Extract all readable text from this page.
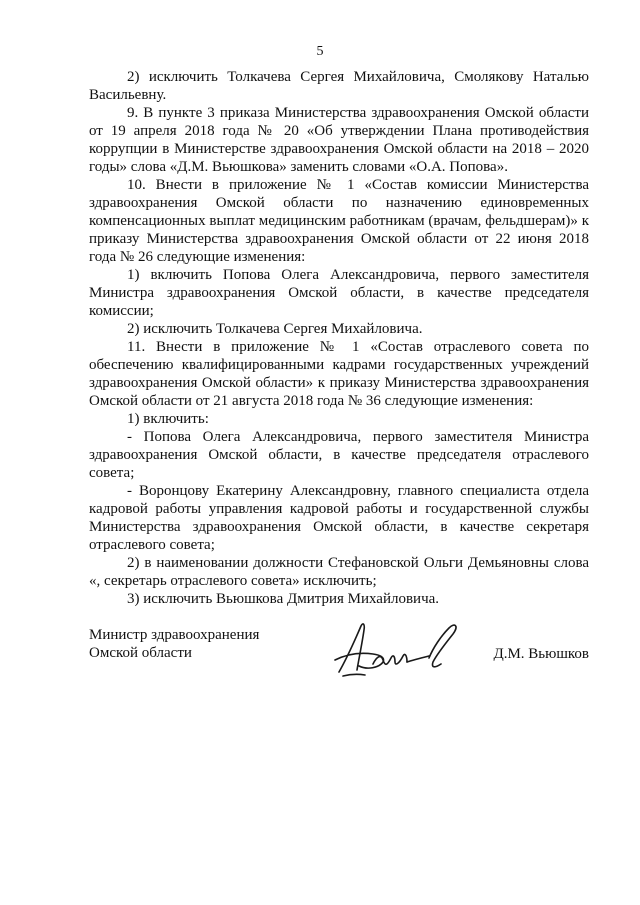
5

2) исключить Толкачева Сергея Михайловича, Смолякову Наталью Васильевну.

9. В пункте 3 приказа Министерства здравоохранения Омской области от 19 апреля 2018 года № 20 «Об утверждении Плана противодействия коррупции в Министерстве здравоохранения Омской области на 2018 – 2020 годы» слова «Д.М. Вьюшкова» заменить словами «О.А. Попова».

10. Внести в приложение № 1 «Состав комиссии Министерства здравоохранения Омской области по назначению единовременных компенсационных выплат медицинским работникам (врачам, фельдшерам)» к приказу Министерства здравоохранения Омской области от 22 июня 2018 года № 26 следующие изменения:

1) включить Попова Олега Александровича, первого заместителя Министра здравоохранения Омской области, в качестве председателя комиссии;

2) исключить Толкачева Сергея Михайловича.

11. Внести в приложение № 1 «Состав отраслевого совета по обеспечению квалифицированными кадрами государственных учреждений здравоохранения Омской области» к приказу Министерства здравоохранения Омской области от 21 августа 2018 года № 36 следующие изменения:

1) включить:

- Попова Олега Александровича, первого заместителя Министра здравоохранения Омской области, в качестве председателя отраслевого совета;

- Воронцову Екатерину Александровну, главного специалиста отдела кадровой работы управления кадровой работы и государственной службы Министерства здравоохранения Омской области, в качестве секретаря отраслевого совета;

2) в наименовании должности Стефановской Ольги Демьяновны слова «, секретарь отраслевого совета» исключить;

3) исключить Вьюшкова Дмитрия Михайловича.

Министр здравоохранения
Омской области	Д.М. Вьюшков
